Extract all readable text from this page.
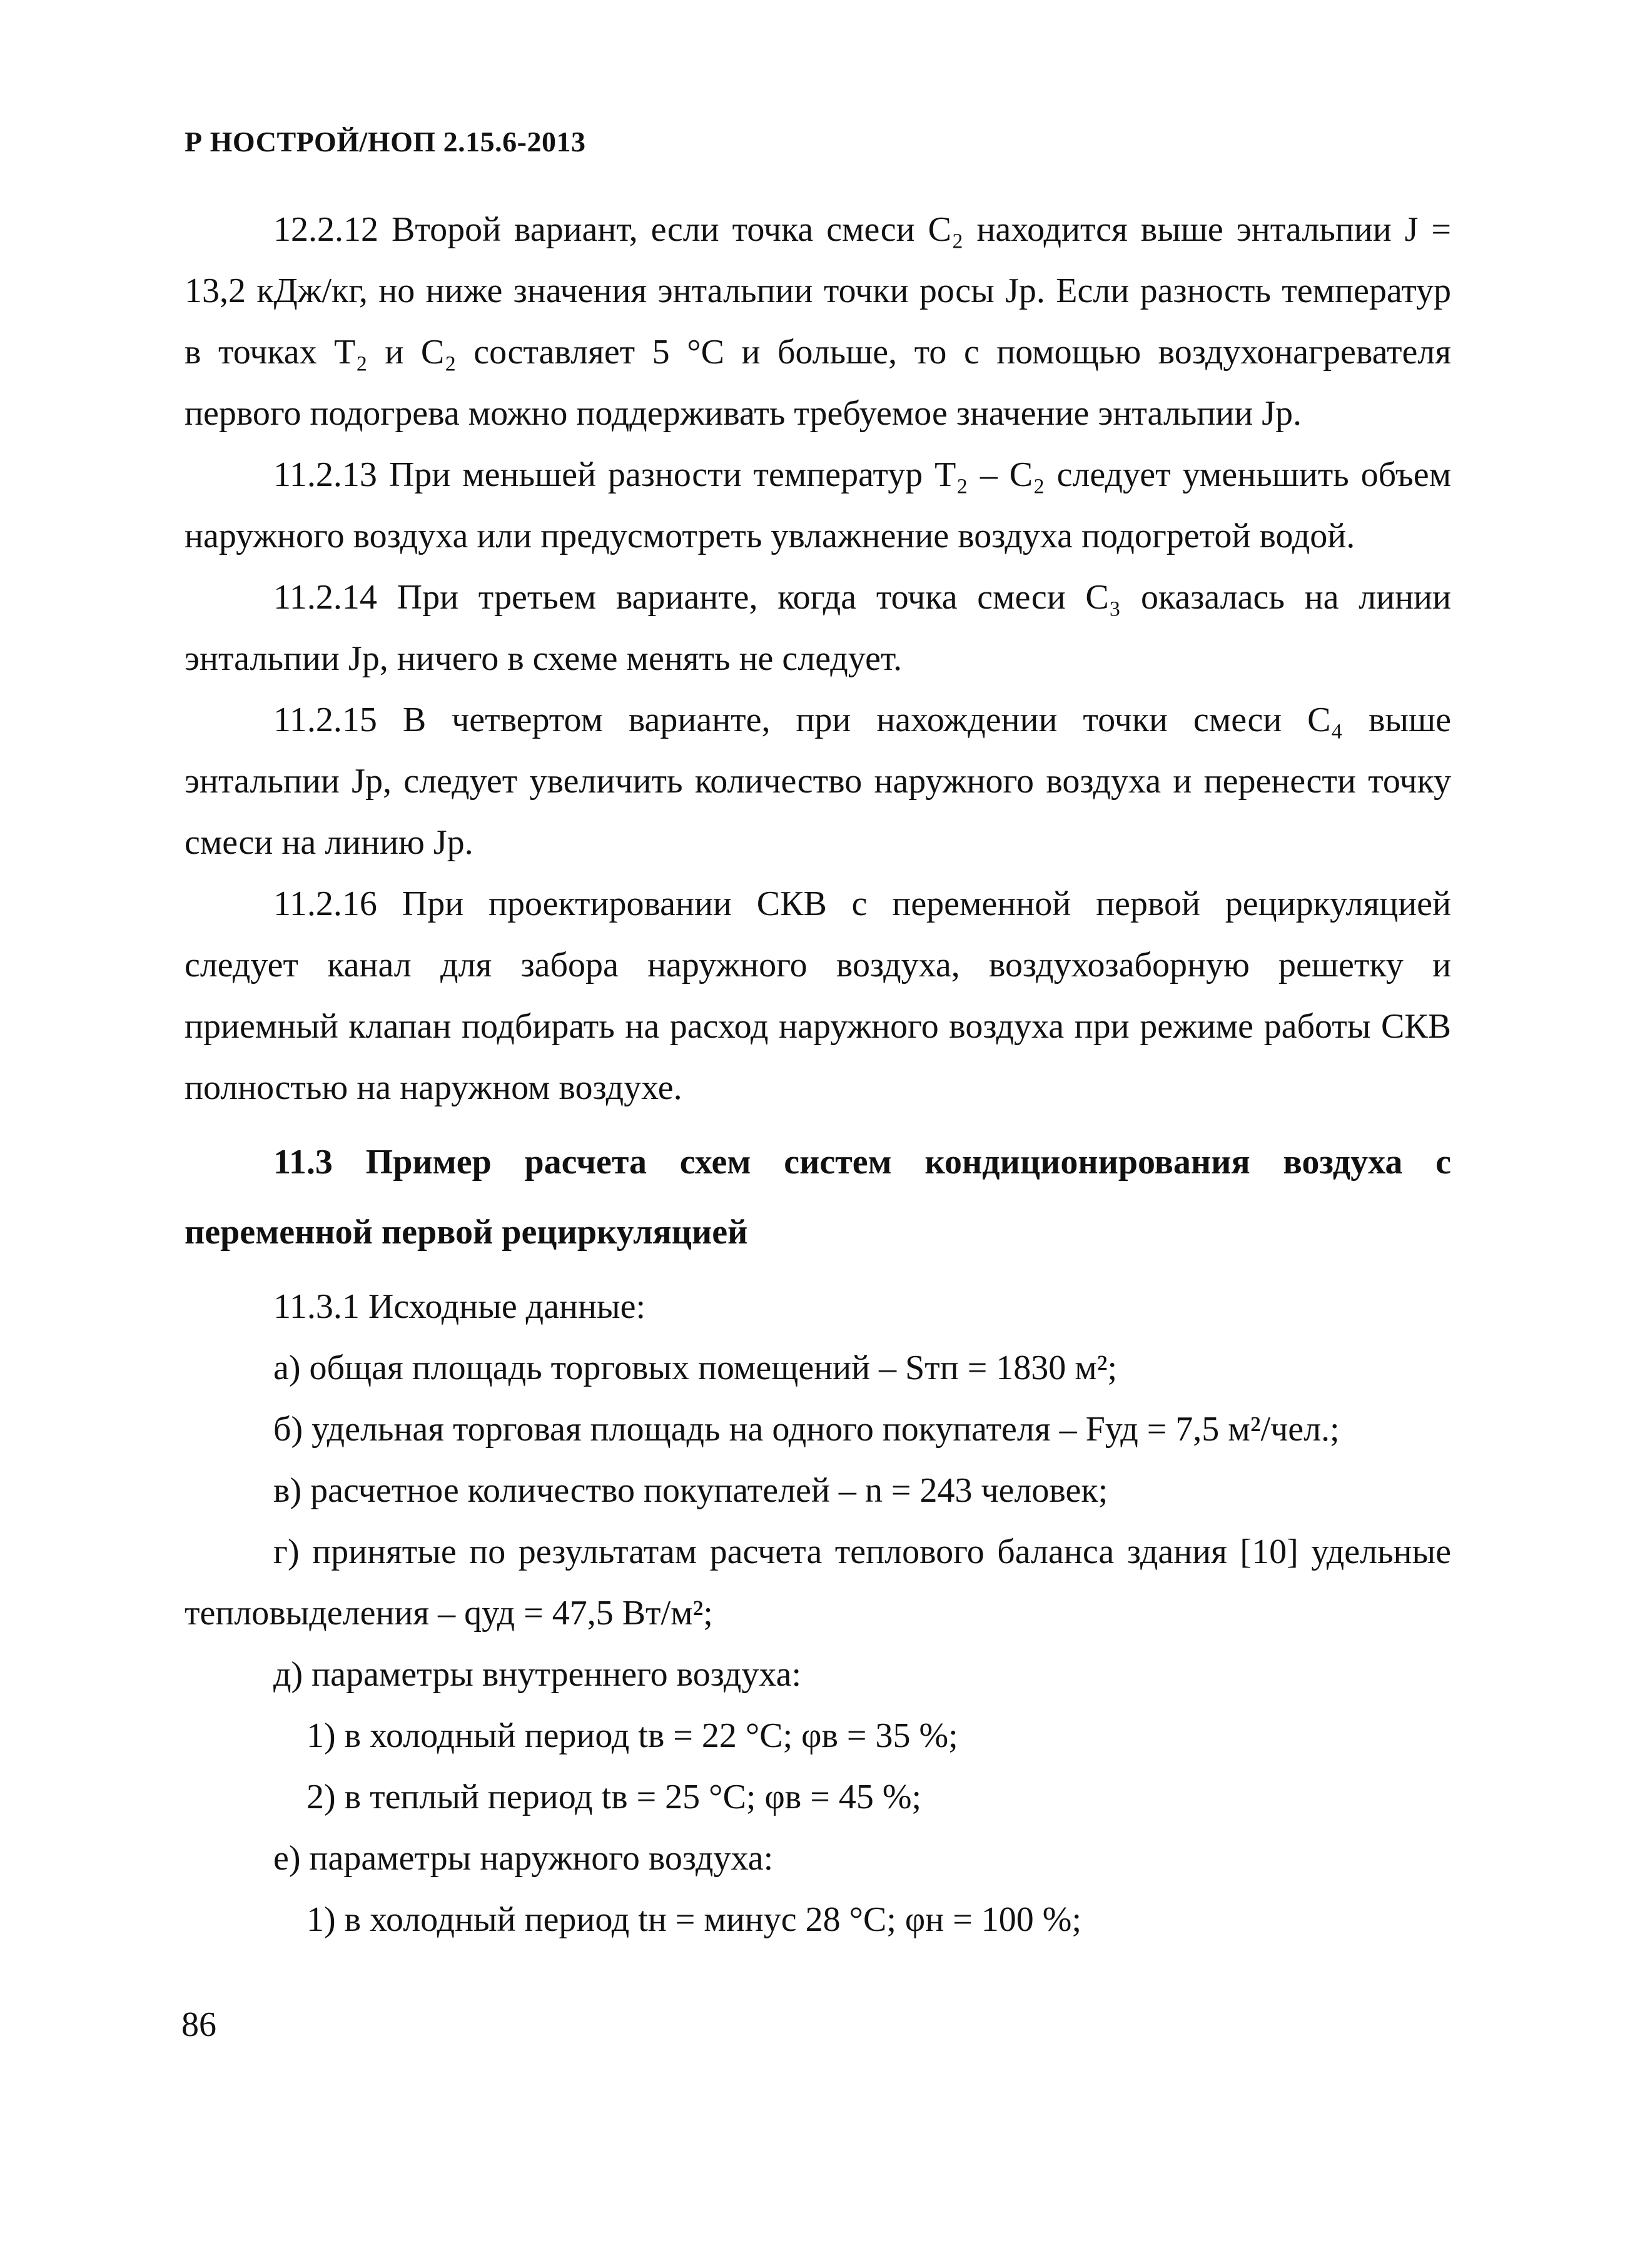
Р НОСТРОЙ/НОП 2.15.6-2013

12.2.12 Второй вариант, если точка смеси C₂ находится выше энтальпии J = 13,2 кДж/кг, но ниже значения энтальпии точки росы Jр. Если разность температур в точках T₂ и C₂ составляет 5 °С и больше, то с помощью воздухонагревателя первого подогрева можно поддерживать требуемое значение энтальпии Jр.

11.2.13 При меньшей разности температур T₂ – C₂ следует уменьшить объем наружного воздуха или предусмотреть увлажнение воздуха подогретой водой.

11.2.14 При третьем варианте, когда точка смеси C₃ оказалась на линии энтальпии Jр, ничего в схеме менять не следует.

11.2.15 В четвертом варианте, при нахождении точки смеси C₄ выше энтальпии Jр, следует увеличить количество наружного воздуха и перенести точку смеси на линию Jр.

11.2.16 При проектировании СКВ с переменной первой рециркуляцией следует канал для забора наружного воздуха, воздухозаборную решетку и приемный клапан подбирать на расход наружного воздуха при режиме работы СКВ полностью на наружном воздухе.

11.3 Пример расчета схем систем кондиционирования воздуха с переменной первой рециркуляцией

11.3.1 Исходные данные:

а) общая площадь торговых помещений – Sтп = 1830 м²;

б) удельная торговая площадь на одного покупателя – Fуд = 7,5 м²/чел.;

в) расчетное количество покупателей – n = 243 человек;

г) принятые по результатам расчета теплового баланса здания [10] удельные тепловыделения – qуд = 47,5 Вт/м²;

д) параметры внутреннего воздуха:

1) в холодный период tв = 22 °С; φв = 35 %;

2) в теплый период tв = 25 °С; φв = 45 %;

е) параметры наружного воздуха:

1) в холодный период tн = минус 28 °С; φн = 100 %;

86
